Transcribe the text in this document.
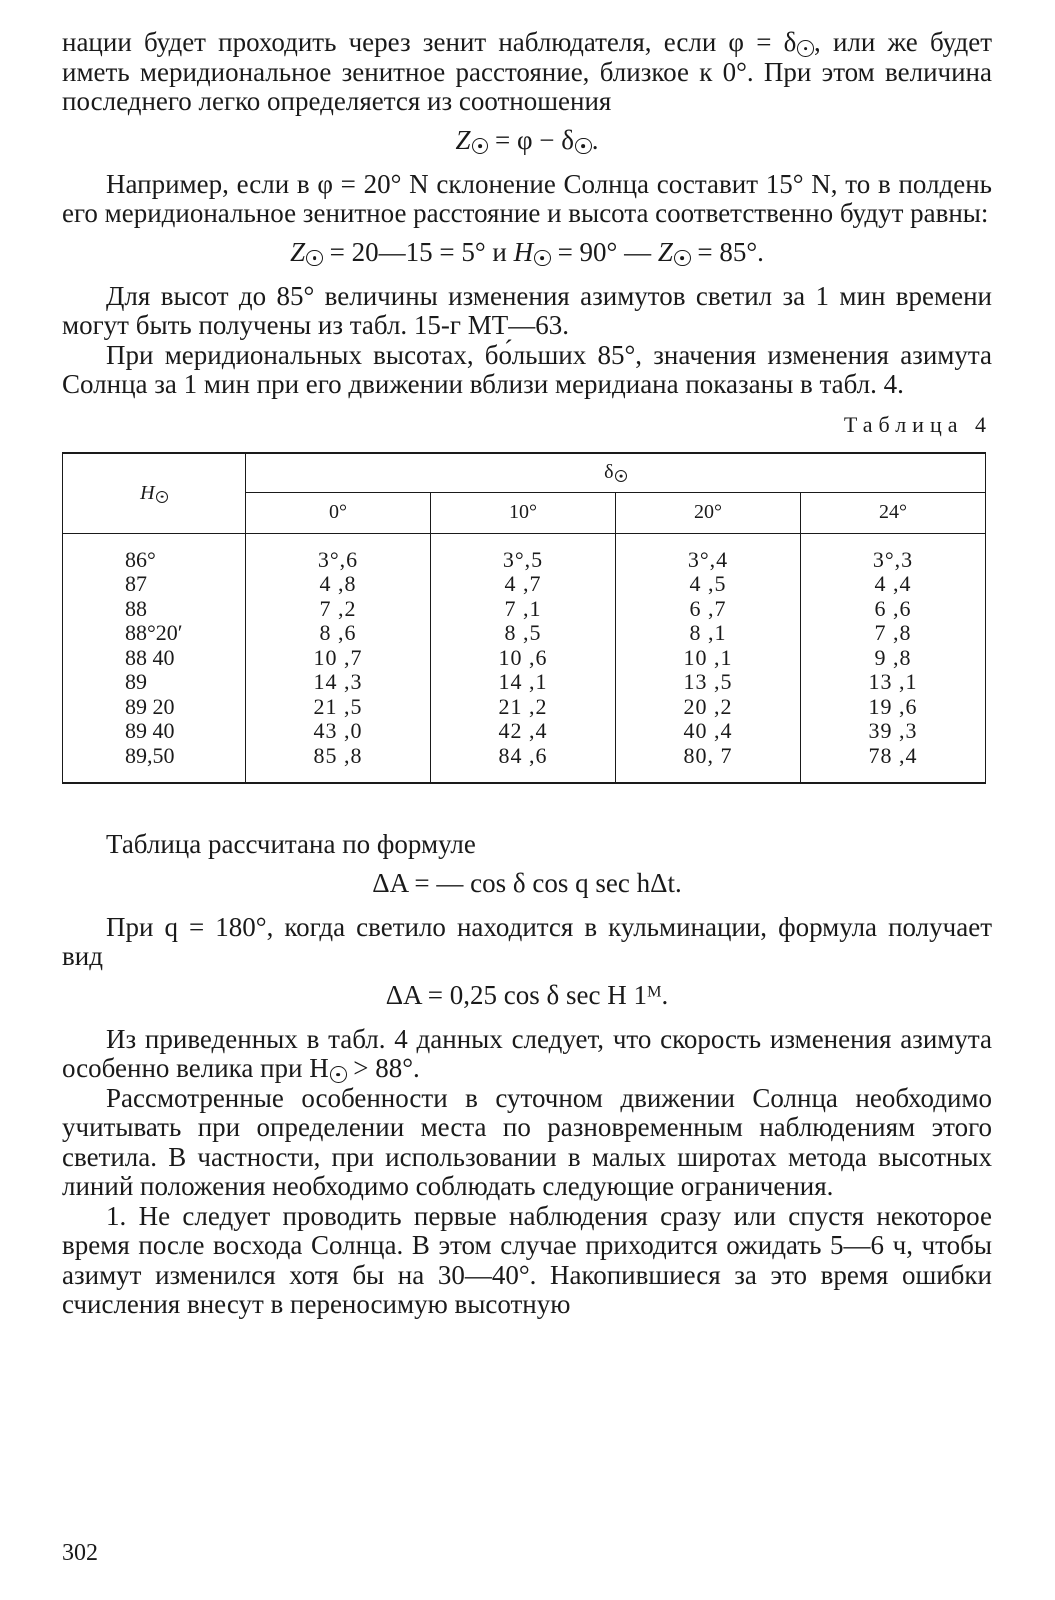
нации будет проходить через зенит наблюдателя, если φ = δ , или же будет иметь меридиональное зенитное расстояние, близкое к 0°. При этом величина последнего легко определяется из соотношения

Z = φ − δ .

Например, если в φ = 20° N склонение Солнца составит 15° N, то в полдень его меридиональное зенитное расстояние и высота соответственно будут равны:

Z = 20—15 = 5° и H = 90° — Z = 85°.

Для высот до 85° величины изменения азимутов светил за 1 мин времени могут быть получены из табл. 15-г МТ—63.

При меридиональных высотах, бо́льших 85°, значения изменения азимута Солнца за 1 мин при его движении вблизи меридиана показаны в табл. 4.

Таблица 4
H	δ			
	0°	10°	20°	24°
86°	3°,6	3°,5	3°,4	3°,3
87	4 ,8	4 ,7	4 ,5	4 ,4
88	7 ,2	7 ,1	6 ,7	6 ,6
88°20′	8 ,6	8 ,5	8 ,1	7 ,8
88 40	10 ,7	10 ,6	10 ,1	9 ,8
89	14 ,3	14 ,1	13 ,5	13 ,1
89 20	21 ,5	21 ,2	20 ,2	19 ,6
89 40	43 ,0	42 ,4	40 ,4	39 ,3
89,50	85 ,8	84 ,6	80, 7	78 ,4

Таблица рассчитана по формуле

ΔA = — cos δ cos q sec hΔt.

При q = 180°, когда светило находится в кульминации, формула получает вид

ΔA = 0,25 cos δ sec H 1ᴹ.

Из приведенных в табл. 4 данных следует, что скорость изменения азимута особенно велика при H > 88°.

Рассмотренные особенности в суточном движении Солнца необходимо учитывать при определении места по разновременным наблюдениям этого светила. В частности, при использовании в малых широтах метода высотных линий положения необходимо соблюдать следующие ограничения.

1. Не следует проводить первые наблюдения сразу или спустя некоторое время после восхода Солнца. В этом случае приходится ожидать 5—6 ч, чтобы азимут изменился хотя бы на 30—40°. Накопившиеся за это время ошибки счисления внесут в переносимую высотную

302
